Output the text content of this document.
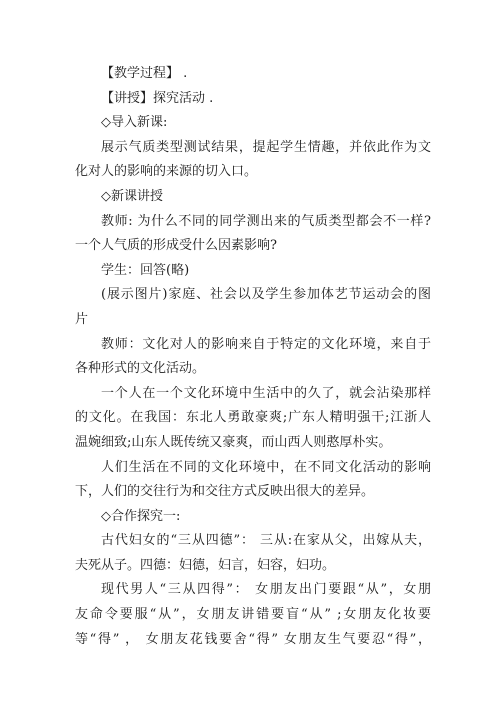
【教学过程】 .
【讲授】探究活动 .
◇导入新课:
展示气质类型测试结果，提起学生情趣，并依此作为文
化对人的影响的来源的切入口。
◇新课讲授
教师: 为什么不同的同学测出来的气质类型都会不一样?
一个人气质的形成受什么因素影响?
学生：回答(略)
(展示图片)家庭、社会以及学生参加体艺节运动会的图
片
教师：文化对人的影响来自于特定的文化环境，来自于
各种形式的文化活动。
一个人在一个文化环境中生活中的久了，就会沾染那样
的文化。在我国：东北人勇敢豪爽;广东人精明强干;江浙人
温婉细致;山东人既传统又豪爽，而山西人则憨厚朴实。
人们生活在不同的文化环境中，在不同文化活动的影响
下，人们的交往行为和交往方式反映出很大的差异。
◇合作探究一:
古代妇女的“三从四德”： 三从:在家从父，出嫁从夫，
夫死从子。四德：妇德，妇言，妇容，妇功。
现代男人“三从四得”： 女朋友出门要跟“从”，女朋
友命令要服“从”，女朋友讲错要盲“从” ;女朋友化妆要
等“得” ， 女朋友花钱要舍“得” 女朋友生气要忍“得”，
